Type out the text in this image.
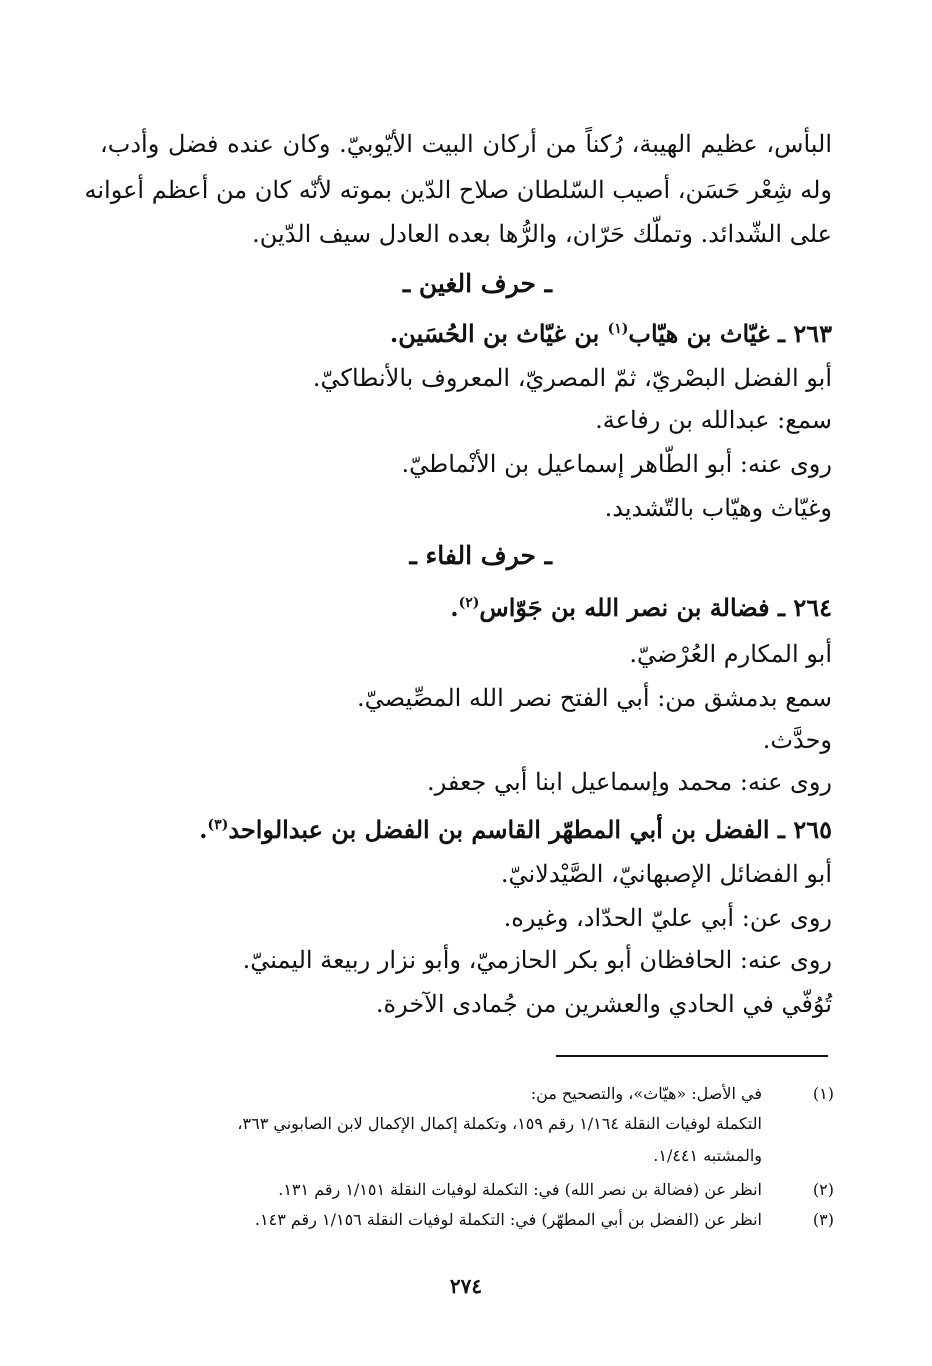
البأس، عظيم الهيبة، رُكناً من أركان البيت الأيّوبيّ. وكان عنده فضل وأدب،
وله شِعْر حَسَن، أصيب السّلطان صلاح الدّين بموته لأنّه كان من أعظم أعوانه
على الشّدائد. وتملّك حَرّان، والرُّها بعده العادل سيف الدّين.
ـ حرف الغين ـ
٢٦٣ ـ غيّاث بن هيّاب$^{(١)}$ بن غيّاث بن الحُسَين.
أبو الفضل البصْريّ، ثمّ المصريّ، المعروف بالأنطاكيّ.
سمع: عبدالله بن رفاعة.
روى عنه: أبو الطّاهر إسماعيل بن الأنْماطيّ.
وغيّاث وهيّاب بالتّشديد.
ـ حرف الفاء ـ
٢٦٤ ـ فضالة بن نصر الله بن جَوّاس$^{(٢)}$.
أبو المكارم العُرْضيّ.
سمع بدمشق من: أبي الفتح نصر الله المصِّيصيّ.
وحدَّث.
روى عنه: محمد وإسماعيل ابنا أبي جعفر.
٢٦٥ ـ الفضل بن أبي المطهّر القاسم بن الفضل بن عبدالواحد$^{(٣)}$.
أبو الفضائل الإصبهانيّ، الصَّيْدلانيّ.
روى عن: أبي عليّ الحدّاد، وغيره.
روى عنه: الحافظان أبو بكر الحازميّ، وأبو نزار ربيعة اليمنيّ.
تُوُفّي في الحادي والعشرين من جُمادى الآخرة.
(١)
في الأصل: «هيّاث»، والتصحيح من:
التكملة لوفيات النقلة ١/١٦٤ رقم ١٥٩، وتكملة إكمال الإكمال لابن الصابوني ٣٦٣،
والمشتبه ١/٤٤١.
(٢)
انظر عن (فضالة بن نصر الله) في: التكملة لوفيات النقلة ١/١٥١ رقم ١٣١.
(٣)
انظر عن (الفضل بن أبي المطهّر) في: التكملة لوفيات النقلة ١/١٥٦ رقم ١٤٣.
٢٧٤
